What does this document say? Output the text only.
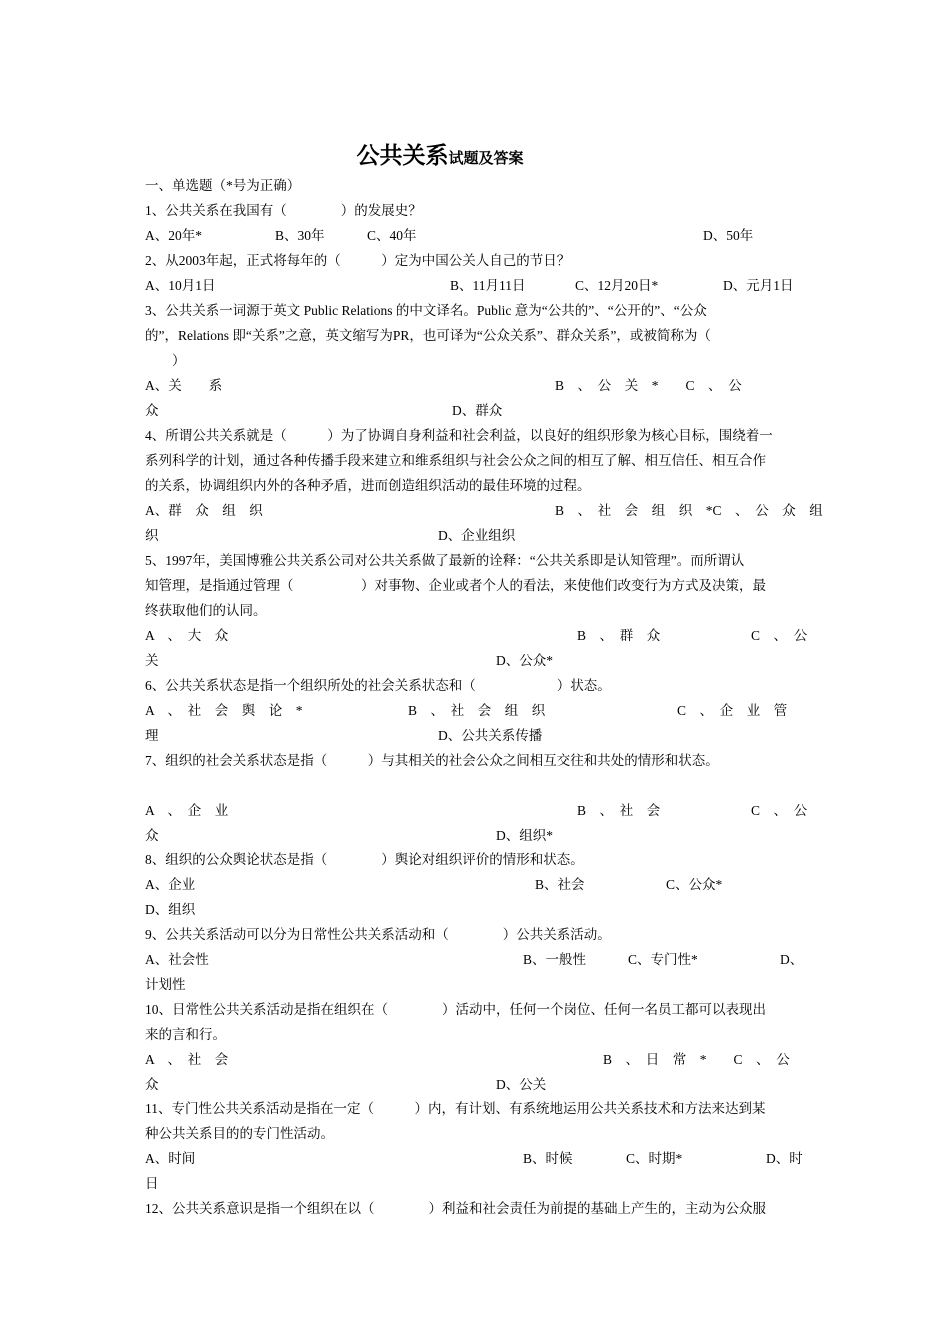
公共关系试题及答案
一、单选题（*号为正确）
1、公共关系在我国有（　　　　）的发展史？
A、20年*	B、30年	C、40年	D、50年
2、从2003年起，正式将每年的（　　　）定为中国公关人自己的节日？
A、10月1日	B、11月11日	C、12月20日*	D、元月1日
3、公共关系一词源于英文 Public Relations 的中文译名。Public 意为“公共的”、“公开的”、“公众
的”，Relations 即“关系”之意，英文缩写为PR，也可译为“公众关系”、群众关系”，或被简称为（
　　）
A、关　　系	B　、　公　关　*　　C　、　公
众	D、群众
4、所谓公共关系就是（　　　）为了协调自身利益和社会利益，以良好的组织形象为核心目标，围绕着一
系列科学的计划，通过各种传播手段来建立和维系组织与社会公众之间的相互了解、相互信任、相互合作
的关系，协调组织内外的各种矛盾，进而创造组织活动的最佳环境的过程。
A、群　众　组　织	B　、　社　会　组　织　*C　、　公　众　组
织	D、企业组织
5、1997年，美国博雅公共关系公司对公共关系做了最新的诠释：“公共关系即是认知管理”。而所谓认
知管理，是指通过管理（　　　　　）对事物、企业或者个人的看法，来使他们改变行为方式及决策，最
终获取他们的认同。
A　、　大　众	B　、　群　众	C　、　公
关	D、公众*
6、公共关系状态是指一个组织所处的社会关系状态和（　　　　　　）状态。
A　、　社　会　舆　论　*	B　、　社　会　组　织	C　、　企　业　管
理	D、公共关系传播
7、组织的社会关系状态是指（　　　）与其相关的社会公众之间相互交往和共处的情形和状态。
A　、　企　业	B　、　社　会	C　、　公
众	D、组织*
8、组织的公众舆论状态是指（　　　　）舆论对组织评价的情形和状态。
A、企业	B、社会	C、公众*
D、组织
9、公共关系活动可以分为日常性公共关系活动和（　　　　）公共关系活动。
A、社会性	B、一般性	C、专门性*	D、
计划性
10、日常性公共关系活动是指在组织在（　　　　）活动中，任何一个岗位、任何一名员工都可以表现出
来的言和行。
A　、　社　会	B　、　日　常　*　　C　、　公
众	D、公关
11、专门性公共关系活动是指在一定（　　　）内，有计划、有系统地运用公共关系技术和方法来达到某
种公共关系目的的专门性活动。
A、时间	B、时候	C、时期*	D、时
日
12、公共关系意识是指一个组织在以（　　　　）利益和社会责任为前提的基础上产生的，主动为公众服
